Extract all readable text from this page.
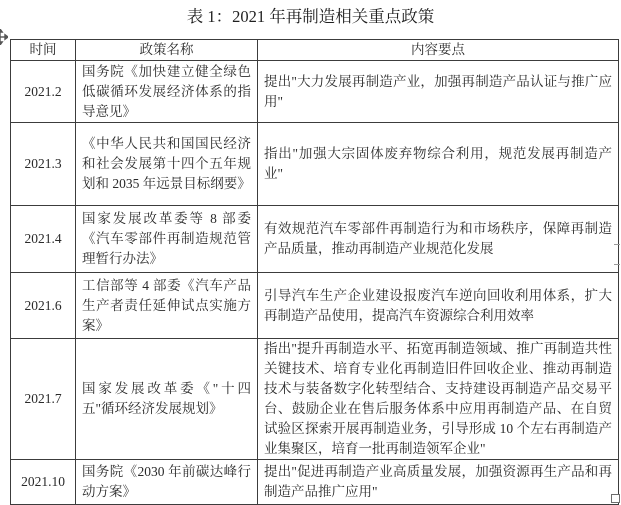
表 1：2021 年再制造相关重点政策
时间	政策名称	内容要点
2021.2	国务院《加快建立健全绿色低碳循环发展经济体系的指导意见》	提出"大力发展再制造产业，加强再制造产品认证与推广应用"
2021.3	《中华人民共和国国民经济和社会发展第十四个五年规划和 2035 年远景目标纲要》	指出"加强大宗固体废弃物综合利用，规范发展再制造产业"
2021.4	国家发展改革委等 8 部委《汽车零部件再制造规范管理暂行办法》	有效规范汽车零部件再制造行为和市场秩序，保障再制造产品质量，推动再制造产业规范化发展
2021.6	工信部等 4 部委《汽车产品生产者责任延伸试点实施方案》	引导汽车生产企业建设报废汽车逆向回收利用体系，扩大再制造产品使用，提高汽车资源综合利用效率
2021.7	国家发展改革委《"十四五"循环经济发展规划》	指出"提升再制造水平、拓宽再制造领域、推广再制造共性关键技术、培育专业化再制造旧件回收企业、推动再制造技术与装备数字化转型结合、支持建设再制造产品交易平台、鼓励企业在售后服务体系中应用再制造产品、在自贸试验区探索开展再制造业务，引导形成 10 个左右再制造产业集聚区，培育一批再制造领军企业"
2021.10	国务院《2030 年前碳达峰行动方案》	提出"促进再制造产业高质量发展，加强资源再生产品和再制造产品推广应用"
